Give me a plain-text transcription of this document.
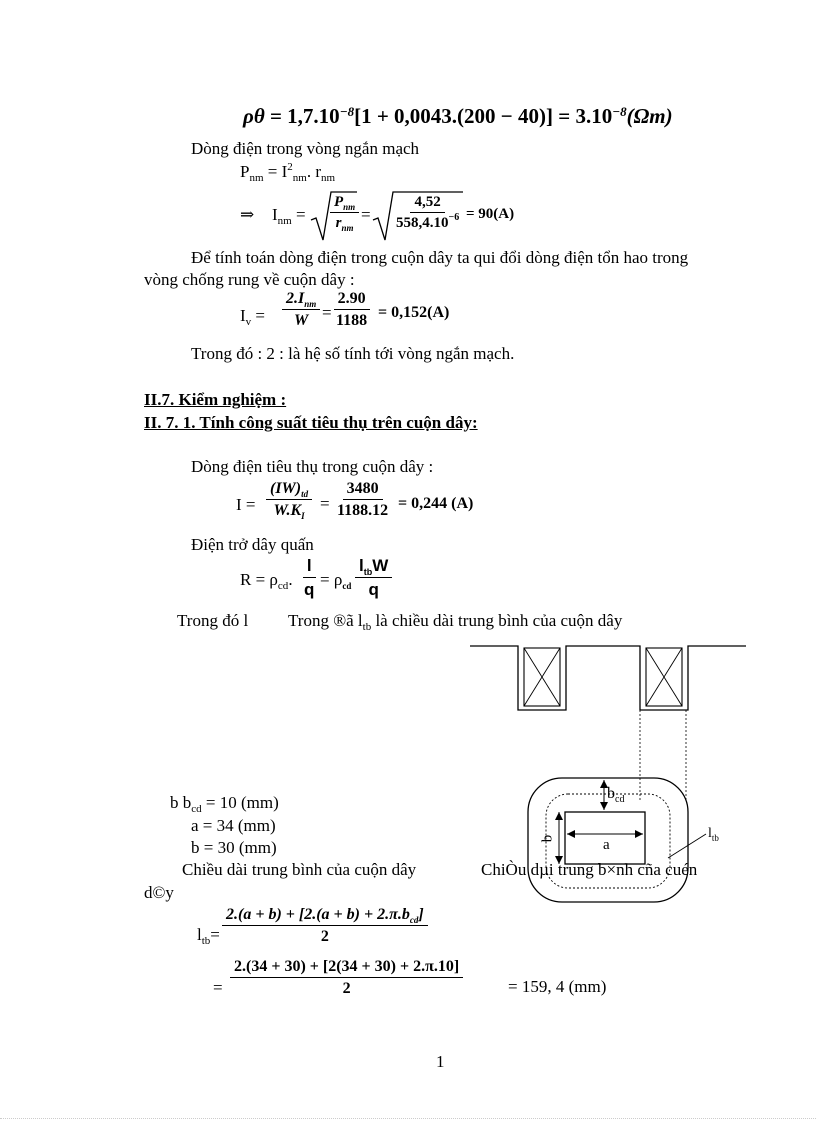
$\rho\theta = 1,7.10^{-8}[1 + 0,0043.(200 - 40)] = 3.10^{-8}(\Omega m)$
Dòng điện trong vòng ngắn mạch
$P_{nm} = I^2_{nm}$. $r_{nm}$
⇒ $I_{nm}$ =
$P_{nm}$
$r_{nm}$
= $\frac{4,52}{558,4.10^{-6}} = 90(A)$
Để tính toán dòng điện trong cuộn dây ta qui đổi dòng điện tổn hao trong
vòng chống rung về cuộn dây :
$I_v$ =
$2.I_{nm}$
$W = \frac{2.90}{1188} = 0,152(A)$
Trong đó : 2 : là hệ số tính tới vòng ngắn mạch.
II.7. Kiểm nghiệm :
II. 7. 1. Tính công suất tiêu thụ trên cuộn dây:
Dòng điện tiêu thụ trong cuộn dây :
$I = \frac{(IW)_{td}}{W.K_I} = \frac{3480}{1188.12} = 0,244$ (A)
Điện trở dây quấn
$R = \rho_{cd}$. $\frac{l}{q} = \rho_{cd}$
$l_{tb}W$
q
Trong đó l Trong ®ã $l_{tb}$ là chiều dài trung bình của cuộn dây
$b_{cd}$
b	a
$l_{tb}$
b $b_{cd} = 10$ (mm)
a = 34 (mm)
b = 30 (mm)
Chiều dài trung bình của cuộn dây	ChiÒu dµi trung b×nh cña cuén
d©y
$l_{tb}=$
$2.(a + b) + [2.(a + b) + 2.\pi.b_{cd}]$
2
= $\frac{2.(34 + 30) + [2(34 + 30) + 2.\pi.10]}{2}$	= 159, 4 (mm)
1
